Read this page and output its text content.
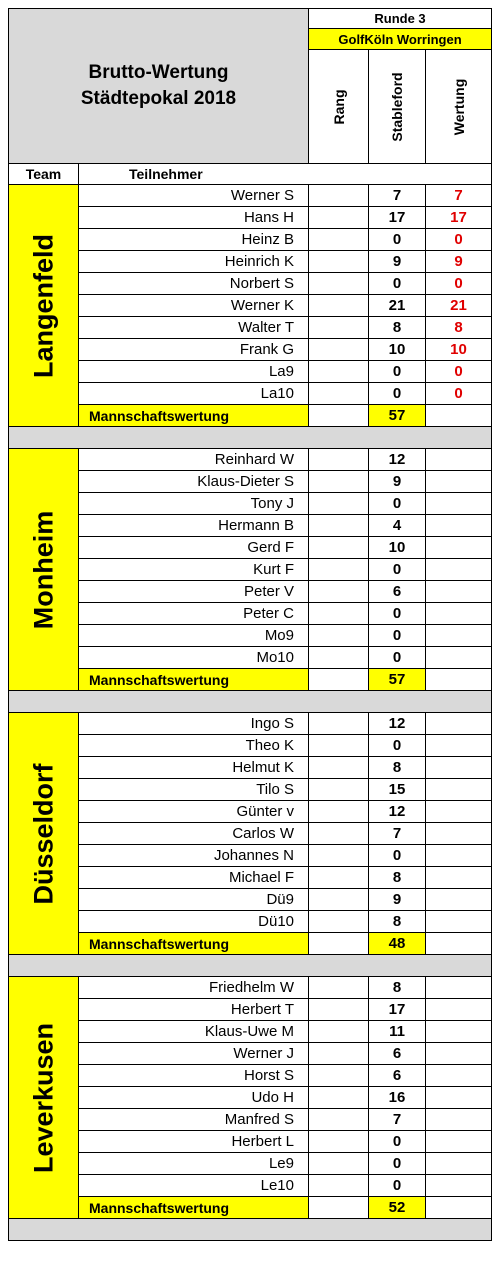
Brutto-Wertung
Städtepokal 2018		Runde 3		
		GolfKöln Worringen		

		Rang	Stableford	Wertung

Team	Teilnehmer			

Langenfeld	Werner S		7	7
	Hans H		17	17
	Heinz B		0	0
	Heinrich K		9	9
	Norbert S		0	0
	Werner K		21	21
	Walter T		8	8
	Frank G		10	10
	La9		0	0
	La10		0	0
	Mannschaftswertung		57	

Monheim	Reinhard W		12	
	Klaus-Dieter S		9	
	Tony J		0	
	Hermann B		4	
	Gerd F		10	
	Kurt F		0	
	Peter V		6	
	Peter C		0	
	Mo9		0	
	Mo10		0	
	Mannschaftswertung		57	

Düsseldorf	Ingo S		12	
	Theo K		0	
	Helmut K		8	
	Tilo S		15	
	Günter v		12	
	Carlos W		7	
	Johannes N		0	
	Michael F		8	
	Dü9		9	
	Dü10		8	
	Mannschaftswertung		48	

Leverkusen	Friedhelm W		8	
	Herbert T		17	
	Klaus-Uwe M		11	
	Werner J		6	
	Horst S		6	
	Udo H		16	
	Manfred S		7	
	Herbert L		0	
	Le9		0	
	Le10		0	
	Mannschaftswertung		52	
